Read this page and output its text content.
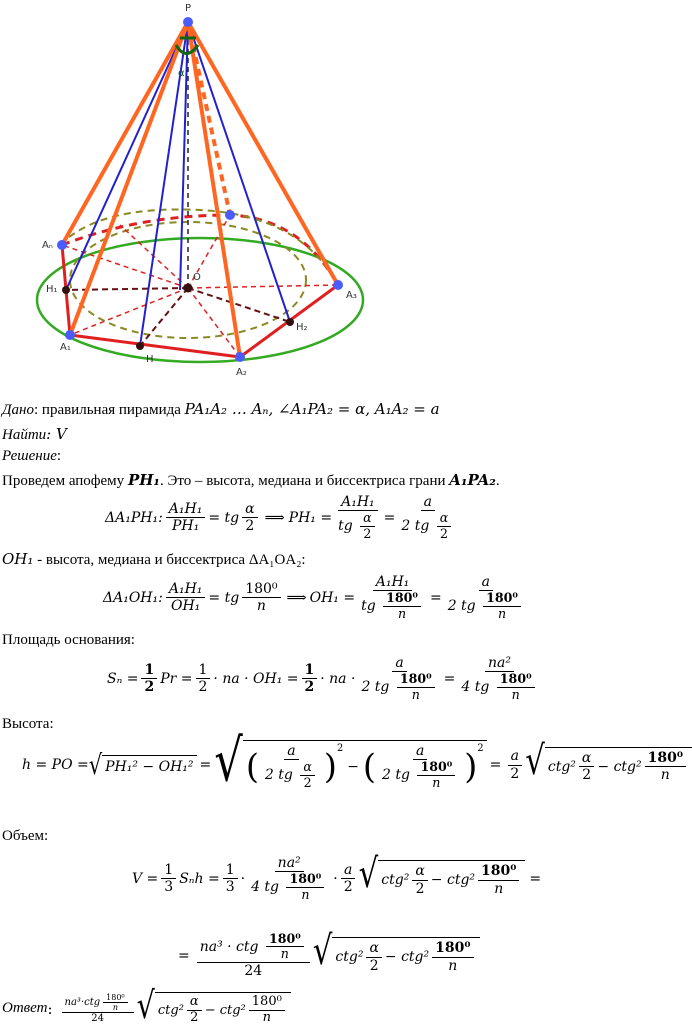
P
O
Aₙ
A₁
A₂
A₃
H
H₁
H₂
α
Дано: правильная пирамида PA₁A₂ … Aₙ, ∠A₁PA₂ = α, A₁A₂ = a
Найти: V
Решение:
Проведем апофему PH₁. Это – высота, медиана и биссектриса грани A₁PA₂.
ΔA₁PH₁: $\frac{\text{A₁H₁}}{\text{PH₁}}$ = tg $\frac{\alpha}{2}$ ⟹ $PH_1 = \frac{\text{A₁H₁}}{tg \frac{\alpha}{2}} = \frac{a}{2 tg \frac{\alpha}{2}}$
OH₁ - высота, медиана и биссектриса ΔA₁OA₂:
ΔA₁OH₁: $\frac{\text{A₁H₁}}{\text{OH₁}}$ = tg $\frac{\text{180⁰}}{n}$ ⟹ $OH_1 = \frac{\text{A₁H₁}}{tg \frac{\text{180⁰}}{n}} = \frac{a}{2 tg \frac{\text{180⁰}}{n}}$
Площадь основания:
$S_n = \frac{1}{2}$ $Pr = \frac{1}{2}$ · na · $OH_1 = \frac{1}{2}$ · na · $\frac{a}{2 tg \frac{\text{180⁰}}{n}} = \frac{\text{na²}}{4 tg \frac{\text{180⁰}}{n}}$
Высота:
h = PO = √ PH₁² − OH₁² = √ ( $\frac{a}{2 tg \frac{\alpha}{2}}$ ) 2
− ( $\frac{a}{2 tg \frac{\text{180⁰}}{n}}$ ) 2
= $\frac{a}{2}$ √ $ctg^2 \frac{\alpha}{2} - ctg^2 \frac{\text{180⁰}}{n}$
Объем:
$V = \frac{1}{3}$ $S_nh = \frac{1}{3} \cdot \frac{\text{na²}}{4 tg \frac{\text{180⁰}}{n}} \cdot \frac{a}{2}$ √ $ctg^2 \frac{\alpha}{2} - ctg^2 \frac{\text{180⁰}}{n}$ =
= $\frac{na^3 \cdot ctg \frac{\text{180⁰}}{n}}{24}$ √ $ctg^2 \frac{\alpha}{2} - ctg^2 \frac{\text{180⁰}}{n}$
Ответ : $\frac{na^3\cdot ctg \frac{\text{180⁰}}{n}}{24}$ √ $ctg^2 \frac{\alpha}{2} - ctg^2 \frac{\text{180⁰}}{n}$
